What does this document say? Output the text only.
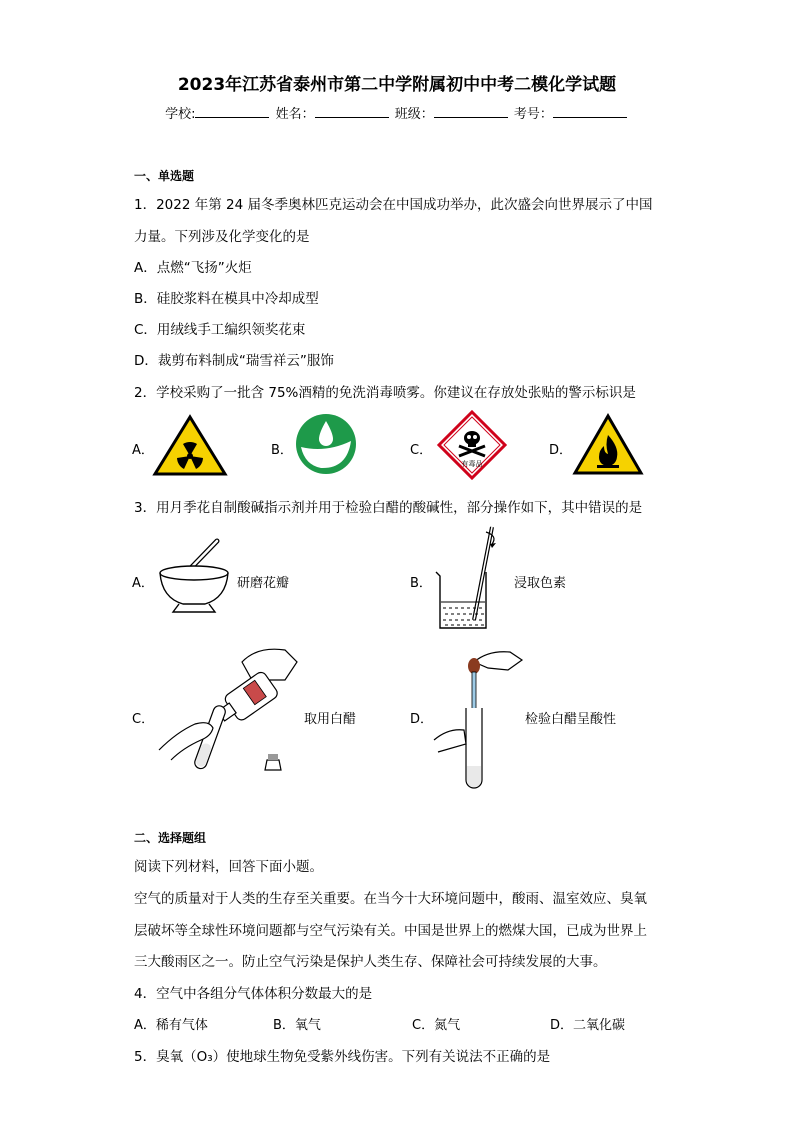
2023年江苏省泰州市第二中学附属初中中考二模化学试题
学校:	姓名：	班级：	考号：
一、单选题
1．2022 年第 24 届冬季奥林匹克运动会在中国成功举办，此次盛会向世界展示了中国
力量。下列涉及化学变化的是
A．点燃“飞扬”火炬
B．硅胶浆料在模具中冷却成型
C．用绒线手工编织领奖花束
D．裁剪布料制成“瑞雪祥云”服饰
2．学校采购了一批含 75%酒精的免洗消毒喷雾。你建议在存放处张贴的警示标识是
A．	B．	C．
有毒品
D．
3．用月季花自制酸碱指示剂并用于检验白醋的酸碱性，部分操作如下，其中错误的是
A．	研磨花瓣	B．	浸取色素
C．	取用白醋	D．	检验白醋呈酸性
二、选择题组
阅读下列材料，回答下面小题。
空气的质量对于人类的生存至关重要。在当今十大环境问题中，酸雨、温室效应、臭氧
层破坏等全球性环境问题都与空气污染有关。中国是世界上的燃煤大国，已成为世界上
三大酸雨区之一。防止空气污染是保护人类生存、保障社会可持续发展的大事。
4．空气中各组分气体体积分数最大的是
A．稀有气体	B．氧气	C．氮气	D．二氧化碳
5．臭氧（O₃）使地球生物免受紫外线伤害。下列有关说法不正确的是
